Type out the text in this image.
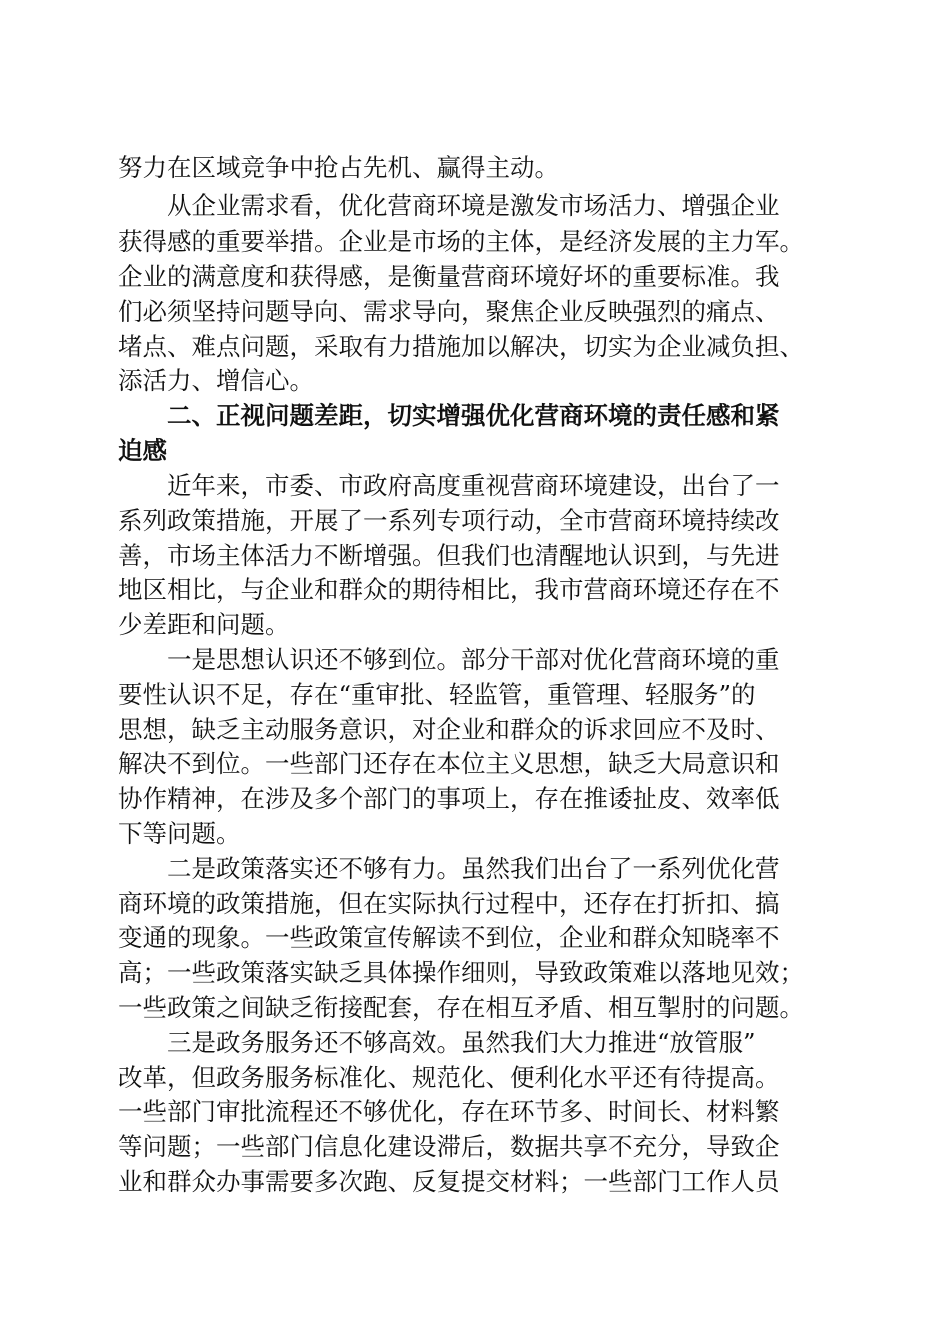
努力在区域竞争中抢占先机、赢得主动。

从企业需求看，优化营商环境是激发市场活力、增强企业

获得感的重要举措。企业是市场的主体，是经济发展的主力军。

企业的满意度和获得感，是衡量营商环境好坏的重要标准。我

们必须坚持问题导向、需求导向，聚焦企业反映强烈的痛点、

堵点、难点问题，采取有力措施加以解决，切实为企业减负担、

添活力、增信心。

二、正视问题差距，切实增强优化营商环境的责任感和紧

迫感

近年来，市委、市政府高度重视营商环境建设，出台了一

系列政策措施，开展了一系列专项行动，全市营商环境持续改

善，市场主体活力不断增强。但我们也清醒地认识到，与先进

地区相比，与企业和群众的期待相比，我市营商环境还存在不

少差距和问题。

一是思想认识还不够到位。部分干部对优化营商环境的重

要性认识不足，存在“重审批、轻监管，重管理、轻服务”的

思想，缺乏主动服务意识，对企业和群众的诉求回应不及时、

解决不到位。一些部门还存在本位主义思想，缺乏大局意识和

协作精神，在涉及多个部门的事项上，存在推诿扯皮、效率低

下等问题。

二是政策落实还不够有力。虽然我们出台了一系列优化营

商环境的政策措施，但在实际执行过程中，还存在打折扣、搞

变通的现象。一些政策宣传解读不到位，企业和群众知晓率不

高；一些政策落实缺乏具体操作细则，导致政策难以落地见效；

一些政策之间缺乏衔接配套，存在相互矛盾、相互掣肘的问题。

三是政务服务还不够高效。虽然我们大力推进“放管服”

改革，但政务服务标准化、规范化、便利化水平还有待提高。

一些部门审批流程还不够优化，存在环节多、时间长、材料繁

等问题；一些部门信息化建设滞后，数据共享不充分，导致企

业和群众办事需要多次跑、反复提交材料；一些部门工作人员
